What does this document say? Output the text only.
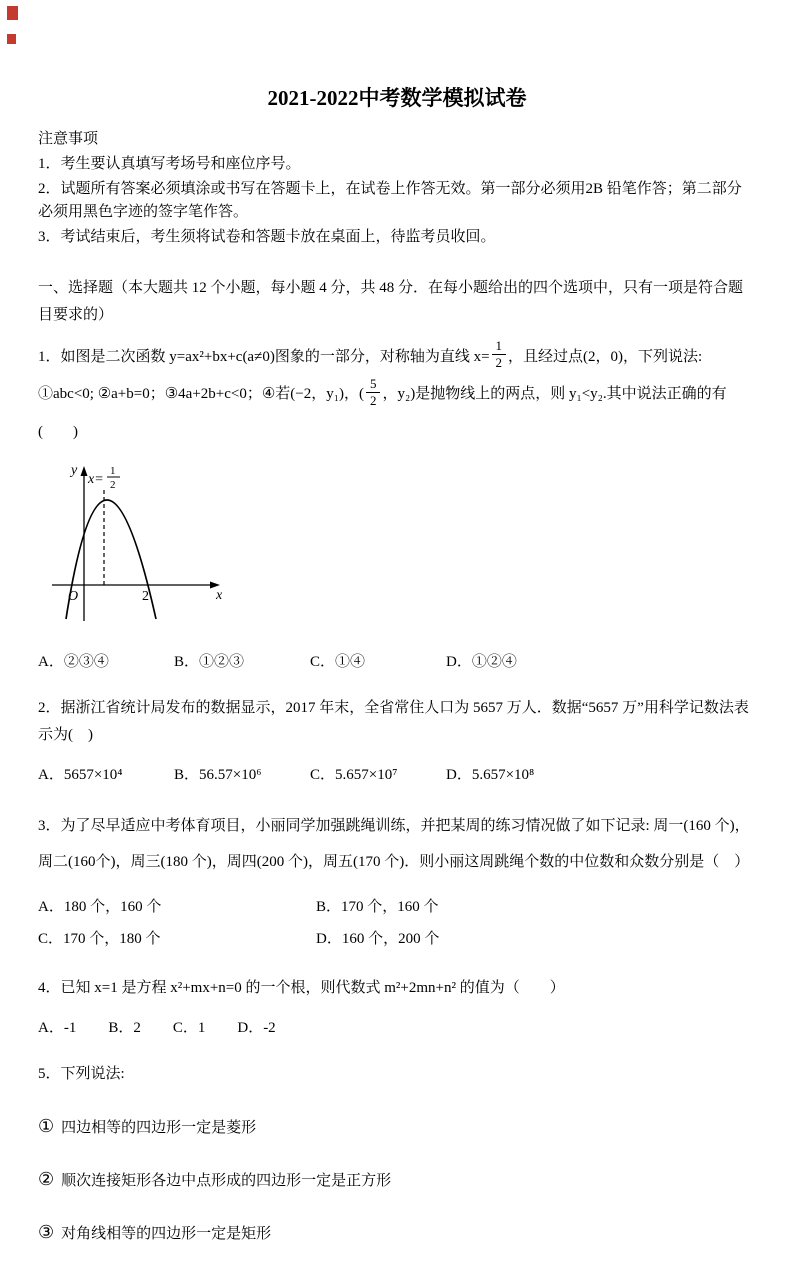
2021-2022中考数学模拟试卷
注意事项

1．考生要认真填写考场号和座位序号。

2．试题所有答案必须填涂或书写在答题卡上，在试卷上作答无效。第一部分必须用2B 铅笔作答；第二部分必须用黑色字迹的签字笔作答。

3．考试结束后，考生须将试卷和答题卡放在桌面上，待监考员收回。

一、选择题（本大题共 12 个小题，每小题 4 分，共 48 分．在每小题给出的四个选项中，只有一项是符合题目要求的）

1．如图是二次函数 y=ax²+bx+c(a≠0)图象的一部分，对称轴为直线 $x= \frac{1}{2}$ ，且经过点(2，0)，下列说法: ①abc<0; ②a+b=0；③4a+2b+c<0；④若(−2，y₁)，( $\frac{5}{2}$ ，y₂)是抛物线上的两点，则 y₁<y₂.其中说法正确的有(　　)

y
x
O	2
x=
1
2
A．②③④	B．①②③	C．①④	D．①②④

2．据浙江省统计局发布的数据显示，2017 年末，全省常住人口为 5657 万人．数据“5657 万”用科学记数法表示为(　)

A．5657×10⁴	B．56.57×10⁶	C．5.657×10⁷	D．5.657×10⁸

3．为了尽早适应中考体育项目，小丽同学加强跳绳训练，并把某周的练习情况做了如下记录: 周一(160 个)，周二(160个)，周三(180 个)，周四(200 个)，周五(170 个)．则小丽这周跳绳个数的中位数和众数分别是（　）

A．180 个，160 个	B．170 个，160 个C．170 个，180 个	D．160 个，200 个

4．已知 x=1 是方程 x²+mx+n=0 的一个根，则代数式 m²+2mn+n² 的值为（　　）

A．-1 B．2 C．1 D．-2

5．下列说法:

① 四边相等的四边形一定是菱形
② 顺次连接矩形各边中点形成的四边形一定是正方形
③ 对角线相等的四边形一定是矩形
